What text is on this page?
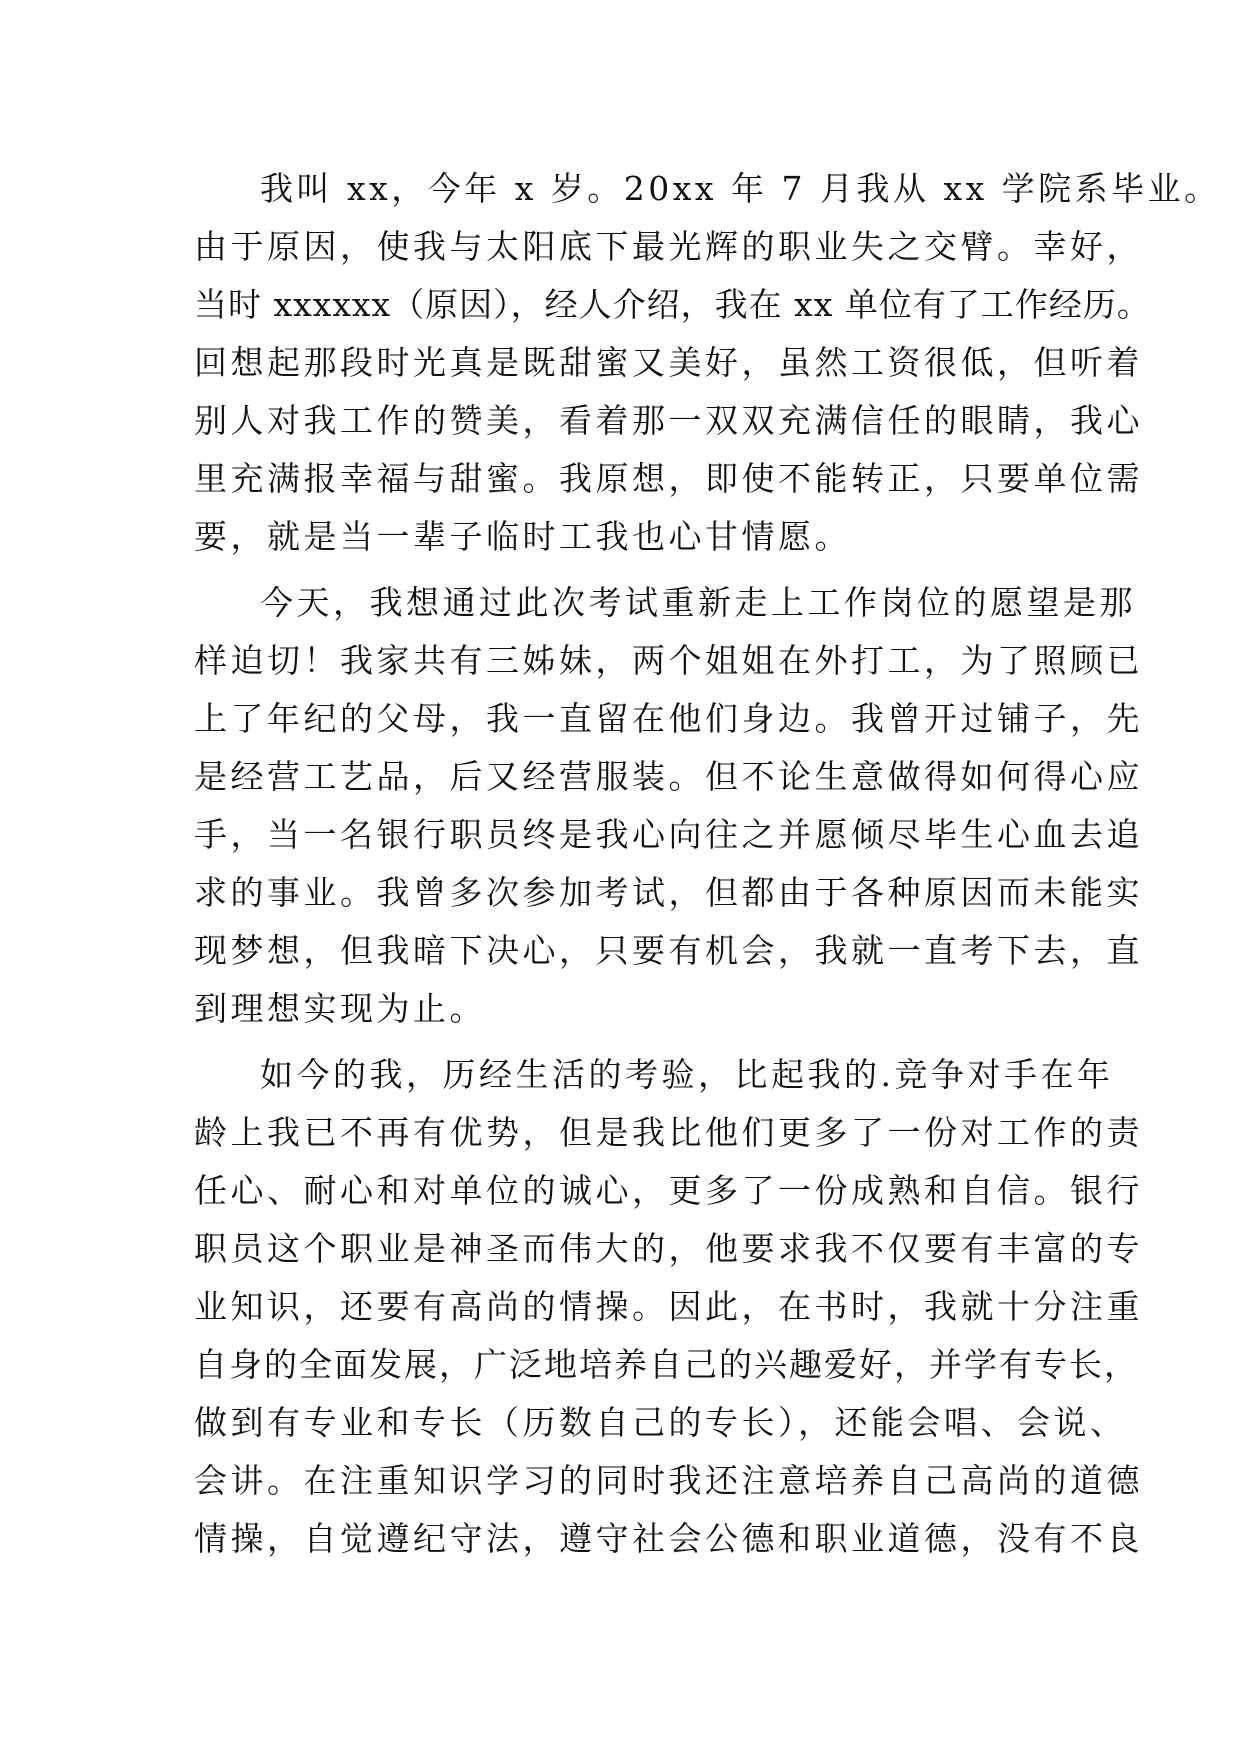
我叫 xx，今年 x 岁。20xx 年 7 月我从 xx 学院系毕业。
由于原因，使我与太阳底下最光辉的职业失之交臂。幸好，
当时 xxxxxx（原因），经人介绍，我在 xx 单位有了工作经历。
回想起那段时光真是既甜蜜又美好，虽然工资很低，但听着
别人对我工作的赞美，看着那一双双充满信任的眼睛，我心
里充满报幸福与甜蜜。我原想，即使不能转正，只要单位需
要，就是当一辈子临时工我也心甘情愿。
今天，我想通过此次考试重新走上工作岗位的愿望是那
样迫切！我家共有三姊妹，两个姐姐在外打工，为了照顾已
上了年纪的父母，我一直留在他们身边。我曾开过铺子，先
是经营工艺品，后又经营服装。但不论生意做得如何得心应
手，当一名银行职员终是我心向往之并愿倾尽毕生心血去追
求的事业。我曾多次参加考试，但都由于各种原因而未能实
现梦想，但我暗下决心，只要有机会，我就一直考下去，直
到理想实现为止。
如今的我，历经生活的考验，比起我的.竞争对手在年
龄上我已不再有优势，但是我比他们更多了一份对工作的责
任心、耐心和对单位的诚心，更多了一份成熟和自信。银行
职员这个职业是神圣而伟大的，他要求我不仅要有丰富的专
业知识，还要有高尚的情操。因此，在书时，我就十分注重
自身的全面发展，广泛地培养自己的兴趣爱好，并学有专长，
做到有专业和专长（历数自己的专长），还能会唱、会说、
会讲。在注重知识学习的同时我还注意培养自己高尚的道德
情操，自觉遵纪守法，遵守社会公德和职业道德，没有不良
